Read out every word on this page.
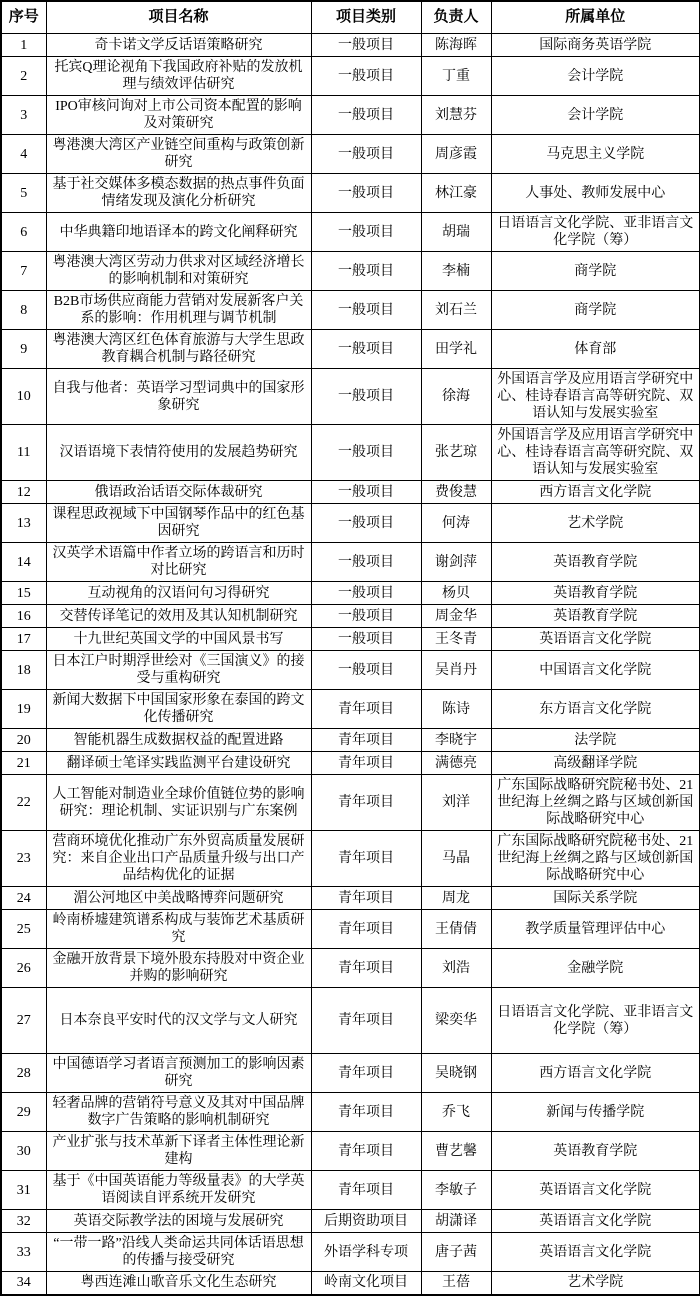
序号	项目名称	项目类别	负责人	所属单位
1	奇卡诺文学反话语策略研究	一般项目	陈海晖	国际商务英语学院
2	托宾Q理论视角下我国政府补贴的发放机理与绩效评估研究	一般项目	丁重	会计学院
3	IPO审核问询对上市公司资本配置的影响及对策研究	一般项目	刘慧芬	会计学院
4	粤港澳大湾区产业链空间重构与政策创新研究	一般项目	周彦霞	马克思主义学院
5	基于社交媒体多模态数据的热点事件负面情绪发现及演化分析研究	一般项目	林江豪	人事处、教师发展中心
6	中华典籍印地语译本的跨文化阐释研究	一般项目	胡瑞	日语语言文化学院、亚非语言文化学院（筹）
7	粤港澳大湾区劳动力供求对区域经济增长的影响机制和对策研究	一般项目	李楠	商学院
8	B2B市场供应商能力营销对发展新客户关系的影响：作用机理与调节机制	一般项目	刘石兰	商学院
9	粤港澳大湾区红色体育旅游与大学生思政教育耦合机制与路径研究	一般项目	田学礼	体育部
10	自我与他者：英语学习型词典中的国家形象研究	一般项目	徐海	外国语言学及应用语言学研究中心、桂诗春语言高等研究院、双语认知与发展实验室
11	汉语语境下表情符使用的发展趋势研究	一般项目	张艺琼	外国语言学及应用语言学研究中心、桂诗春语言高等研究院、双语认知与发展实验室
12	俄语政治话语交际体裁研究	一般项目	费俊慧	西方语言文化学院
13	课程思政视域下中国钢琴作品中的红色基因研究	一般项目	何涛	艺术学院
14	汉英学术语篇中作者立场的跨语言和历时对比研究	一般项目	谢剑萍	英语教育学院
15	互动视角的汉语问句习得研究	一般项目	杨贝	英语教育学院
16	交替传译笔记的效用及其认知机制研究	一般项目	周金华	英语教育学院
17	十九世纪英国文学的中国风景书写	一般项目	王冬青	英语语言文化学院
18	日本江户时期浮世绘对《三国演义》的接受与重构研究	一般项目	吴肖丹	中国语言文化学院
19	新闻大数据下中国国家形象在泰国的跨文化传播研究	青年项目	陈诗	东方语言文化学院
20	智能机器生成数据权益的配置进路	青年项目	李晓宇	法学院
21	翻译硕士笔译实践监测平台建设研究	青年项目	满德亮	高级翻译学院
22	人工智能对制造业全球价值链位势的影响研究：理论机制、实证识别与广东案例	青年项目	刘洋	广东国际战略研究院秘书处、21世纪海上丝绸之路与区域创新国际战略研究中心
23	营商环境优化推动广东外贸高质量发展研究：来自企业出口产品质量升级与出口产品结构优化的证据	青年项目	马晶	广东国际战略研究院秘书处、21世纪海上丝绸之路与区域创新国际战略研究中心
24	湄公河地区中美战略博弈问题研究	青年项目	周龙	国际关系学院
25	岭南桥墟建筑谱系构成与装饰艺术基质研究	青年项目	王倩倩	教学质量管理评估中心
26	金融开放背景下境外股东持股对中资企业并购的影响研究	青年项目	刘浩	金融学院
27	日本奈良平安时代的汉文学与文人研究	青年项目	梁奕华	日语语言文化学院、亚非语言文化学院（筹）
28	中国德语学习者语言预测加工的影响因素研究	青年项目	吴晓钢	西方语言文化学院
29	轻奢品牌的营销符号意义及其对中国品牌数字广告策略的影响机制研究	青年项目	乔飞	新闻与传播学院
30	产业扩张与技术革新下译者主体性理论新建构	青年项目	曹艺馨	英语教育学院
31	基于《中国英语能力等级量表》的大学英语阅读自评系统开发研究	青年项目	李敏子	英语语言文化学院
32	英语交际教学法的困境与发展研究	后期资助项目	胡潇译	英语语言文化学院
33	“一带一路”沿线人类命运共同体话语思想的传播与接受研究	外语学科专项	唐子茜	英语语言文化学院
34	粤西连滩山歌音乐文化生态研究	岭南文化项目	王蓓	艺术学院
